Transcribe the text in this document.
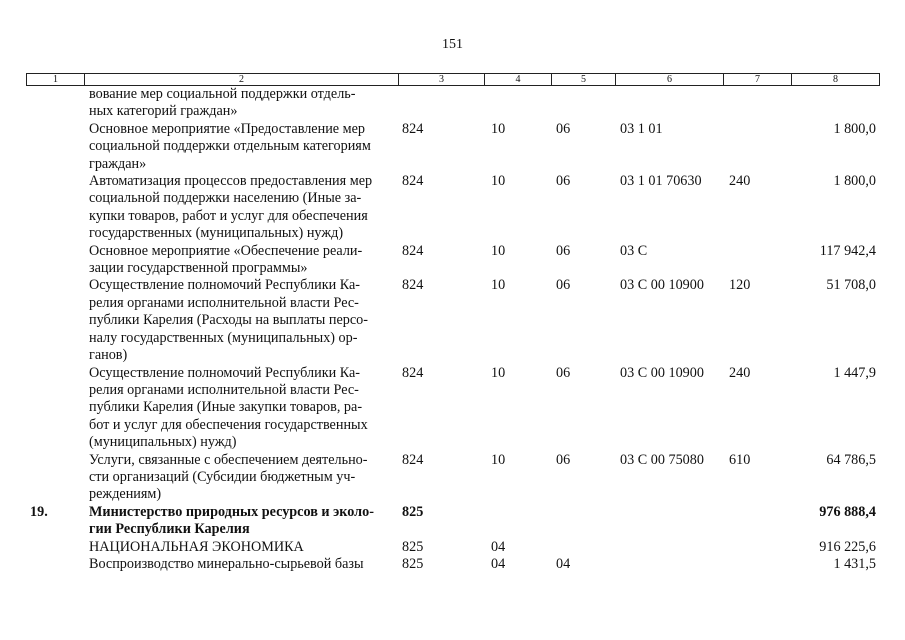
151
1	2	3	4	5	6	7	8

	вование мер социальной поддержки отдель-
ных категорий граждан»						

	Основное мероприятие «Предоставление мер
социальной поддержки отдельным категориям
граждан»	824	10	06	03 1 01		1 800,0

	Автоматизация процессов предоставления мер
социальной поддержки населению (Иные за-
купки товаров, работ и услуг для обеспечения
государственных (муниципальных) нужд)	824	10	06	03 1 01 70630	240	1 800,0

	Основное мероприятие «Обеспечение реали-
зации государственной программы»	824	10	06	03 С		117 942,4

	Осуществление полномочий Республики Ка-
релия органами исполнительной власти Рес-
публики Карелия (Расходы на выплаты персо-
налу государственных (муниципальных) ор-
ганов)	824	10	06	03 С 00 10900	120	51 708,0

	Осуществление полномочий Республики Ка-
релия органами исполнительной власти Рес-
публики Карелия (Иные закупки товаров, ра-
бот и услуг для обеспечения государственных
(муниципальных) нужд)	824	10	06	03 С 00 10900	240	1 447,9

	Услуги, связанные с обеспечением деятельно-
сти организаций (Субсидии бюджетным уч-
реждениям)	824	10	06	03 С 00 75080	610	64 786,5
19.	Министерство природных ресурсов и эколо-
гии Республики Карелия	825					976 888,4

	НАЦИОНАЛЬНАЯ ЭКОНОМИКА	825	04				916 225,6

	Воспроизводство минерально-сырьевой базы	825	04	04			1 431,5
